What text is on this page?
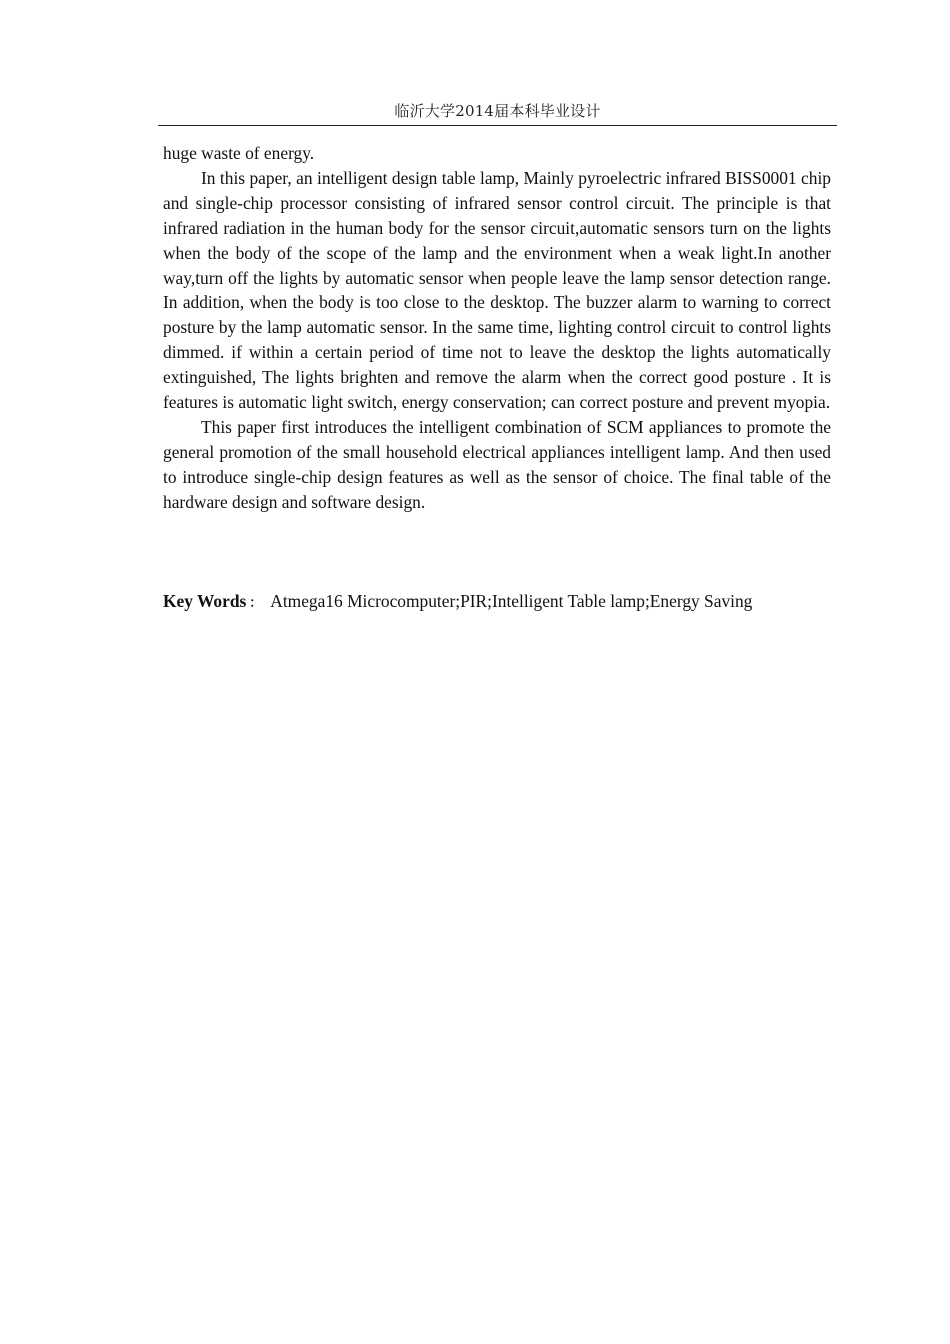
临沂大学2014届本科毕业设计

huge waste of energy.

In this paper, an intelligent design table lamp, Mainly pyroelectric infrared BISS0001 chip and single-chip processor consisting of infrared sensor control circuit. The principle is that infrared radiation in the human body for the sensor circuit,automatic sensors turn on the lights when the body of the scope of the lamp and the environment when a weak light.In another way,turn off the lights by automatic sensor when people leave the lamp sensor detection range. In addition, when the body is too close to the desktop. The buzzer alarm to warning to correct posture by the lamp automatic sensor. In the same time, lighting control circuit to control lights dimmed. if within a certain period of time not to leave the desktop the lights automatically extinguished, The lights brighten and remove the alarm when the correct good posture . It is features is automatic light switch, energy conservation; can correct posture and prevent myopia.

This paper first introduces the intelligent combination of SCM appliances to promote the general promotion of the small household electrical appliances intelligent lamp. And then used to introduce single-chip design features as well as the sensor of choice. The final table of the hardware design and software design.

Key Words ： Atmega16 Microcomputer;PIR;Intelligent Table lamp;Energy Saving
